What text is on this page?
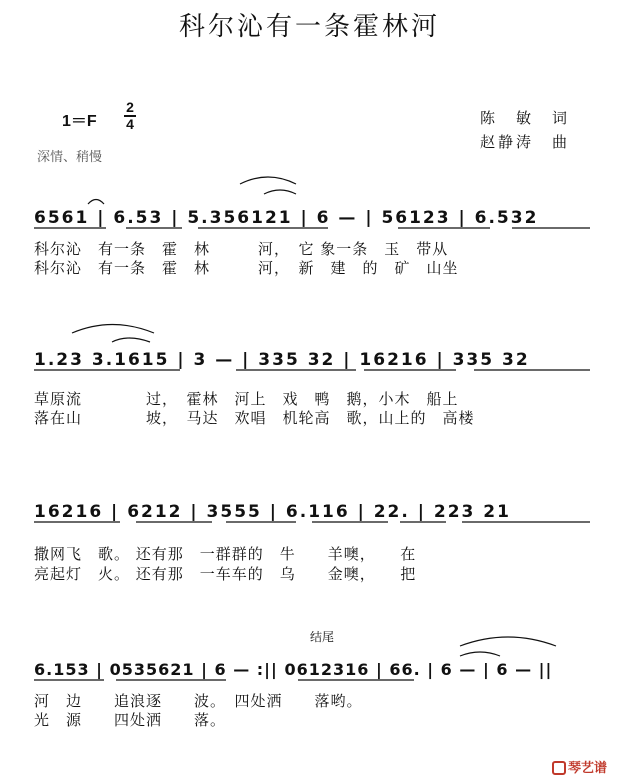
科尔沁有一条霍林河
1＝F
2
4
深情、稍慢
陈　敏　词
赵静涛　曲
6561 | 6.53 | 5.356121 | 6 — | 56123 | 6.532
科尔沁　有一条　霍　林　　　河，　它 象一条　玉　带从
科尔沁　有一条　霍　林　　　河，　新　建　的　矿　山坐
1.23 3.1615 | 3 — | 335 32 | 16216 | 335 32
草原流　　　　过，　霍林　河上　戏　鸭　鹅，小木　船上
落在山　　　　坡，　马达　欢唱　机轮高　歌，山上的　高楼
16216 | 6212 | 3555 | 6.116 | 22. | 223 21
撒网飞　歌。 还有那　一群群的　牛　　羊噢，　　在
亮起灯　火。 还有那　一车车的　乌　　金噢，　　把
结尾
6.153 | 0535621 | 6 — :|| 0612316 | 66. | 6 — | 6 — ||
河　边　　追浪逐　　波。　四处洒　　落哟。
光　源　　四处洒　　落。
琴艺谱
